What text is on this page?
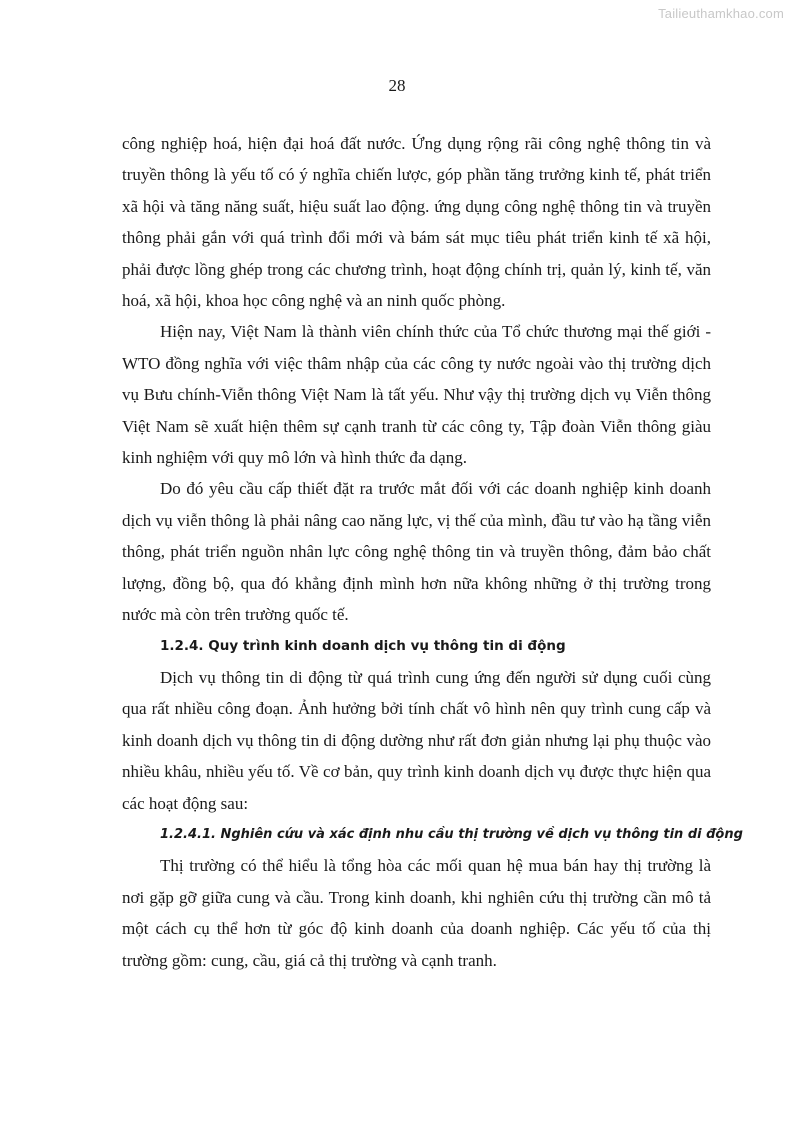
Tailieuthamkhao.com
28

công nghiệp hoá, hiện đại hoá đất nước. Ứng dụng rộng rãi công nghệ thông tin và truyền thông là yếu tố có ý nghĩa chiến lược, góp phần tăng trưởng kinh tế, phát triển xã hội và tăng năng suất, hiệu suất lao động. ứng dụng công nghệ thông tin và truyền thông phải gắn với quá trình đổi mới và bám sát mục tiêu phát triển kinh tế xã hội, phải được lồng ghép trong các chương trình, hoạt động chính trị, quản lý, kinh tế, văn hoá, xã hội, khoa học công nghệ và an ninh quốc phòng.

Hiện nay, Việt Nam là thành viên chính thức của Tổ chức thương mại thế giới - WTO đồng nghĩa với việc thâm nhập của các công ty nước ngoài vào thị trường dịch vụ Bưu chính-Viễn thông Việt Nam là tất yếu. Như vậy thị trường dịch vụ Viễn thông Việt Nam sẽ xuất hiện thêm sự cạnh tranh từ các công ty, Tập đoàn Viễn thông giàu kinh nghiệm với quy mô lớn và hình thức đa dạng.

Do đó yêu cầu cấp thiết đặt ra trước mắt đối với các doanh nghiệp kinh doanh dịch vụ viễn thông là phải nâng cao năng lực, vị thế của mình, đầu tư vào hạ tầng viễn thông, phát triển nguồn nhân lực công nghệ thông tin và truyền thông, đảm bảo chất lượng, đồng bộ, qua đó khẳng định mình hơn nữa không những ở thị trường trong nước mà còn trên trường quốc tế.

1.2.4. Quy trình kinh doanh dịch vụ thông tin di động

Dịch vụ thông tin di động từ quá trình cung ứng đến người sử dụng cuối cùng qua rất nhiều công đoạn. Ảnh hưởng bởi tính chất vô hình nên quy trình cung cấp và kinh doanh dịch vụ thông tin di động dường như rất đơn giản nhưng lại phụ thuộc vào nhiều khâu, nhiều yếu tố. Về cơ bản, quy trình kinh doanh dịch vụ được thực hiện qua các hoạt động sau:

1.2.4.1. Nghiên cứu và xác định nhu cầu thị trường về dịch vụ thông tin di động

Thị trường có thể hiểu là tổng hòa các mối quan hệ mua bán hay thị trường là nơi gặp gỡ giữa cung và cầu. Trong kinh doanh, khi nghiên cứu thị trường cần mô tả một cách cụ thể hơn từ góc độ kinh doanh của doanh nghiệp. Các yếu tố của thị trường gồm: cung, cầu, giá cả thị trường và cạnh tranh.
